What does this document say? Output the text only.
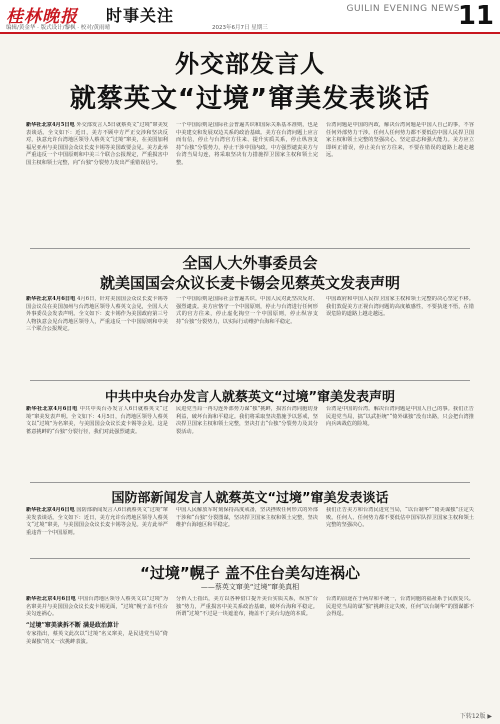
桂林晚报 时事关注
编辑/黄金华 · 版式设计/黎枫 · 校对/黄雨晴	2023年6月7日 星期三
GUILIN EVENING NEWS
11
外交部发言人
就蔡英文“过境”窜美发表谈话
新华社北京4月5日电 外交部发言人5日就蔡英文“过境”窜美发表谈话。全文如下：近日，美方不顾中方严正交涉和坚决反对，执意允许台湾地区领导人蔡英文“过境”窜美，在美国加利福尼亚州与美国国会众议长麦卡锡等美国政要会见。美方此举严重违反一个中国原则和中美三个联合公报规定，严重损害中国主权和领土完整，向“台独”分裂势力发出严重错误信号。
一个中国原则是国际社会普遍共识和国际关系基本准则，也是中美建交和发展双边关系的政治基础。美方在台湾问题上应言而有信，停止与台湾官方往来、提升实质关系，停止纵容支持“台独”分裂势力，停止干涉中国内政。中方强烈谴责美方与台湾当局勾连，将采取坚决有力措施捍卫国家主权和领土完整。
台湾问题是中国的内政，解决台湾问题是中国人自己的事，不容任何外部势力干涉。任何人任何势力都不要低估中国人民捍卫国家主权和领土完整的坚强决心、坚定意志和强大能力。美方应立即纠正错误，停止美台官方往来，不要在错误的道路上越走越远。
全国人大外事委员会
就美国国会众议长麦卡锡会见蔡英文发表声明
新华社北京4月6日电 4月6日，针对美国国会众议长麦卡锡等国会议员在美国加州与台湾地区领导人蔡英文会见，全国人大外事委员会发表声明。全文如下：麦卡锡作为美国政府第三号人物执意会见台湾地区领导人，严重违反一个中国原则和中美三个联合公报规定。
一个中国原则是国际社会普遍共识。中国人民对此坚决反对、强烈谴责。美方应恪守一个中国原则，停止与台湾进行任何形式的官方往来，停止虚化掏空一个中国原则，停止纵容支持“台独”分裂势力，以实际行动维护台海和平稳定。
中国政府和中国人民捍卫国家主权和领土完整的决心坚定不移。我们敦促美方正视台湾问题的高度敏感性，不要执迷不悟，在错误危险的道路上越走越远。
中共中央台办发言人就蔡英文“过境”窜美发表声明
新华社北京4月6日电 中共中央台办发言人6日就蔡英文“过境”窜美发表声明。全文如下：4月5日，台湾地区领导人蔡英文以“过境”为名窜美，与美国国会众议长麦卡锡等会见。这是蓄意挑衅的“台独”分裂行径，我们对此强烈谴责。
民进党当局一再勾连外部势力谋“独”挑衅，损害台湾同胞切身利益，破坏台海和平稳定。我们将采取坚决措施予以惩戒，坚决捍卫国家主权和领土完整，坚决打击“台独”分裂势力及其分裂活动。
台湾是中国的台湾。解决台湾问题是中国人自己的事。我们正告民进党当局，搞“以武拒统”“倚外谋独”没有出路，只会把台湾推向兵凶战危的险境。
国防部新闻发言人就蔡英文“过境”窜美发表谈话
新华社北京4月6日电 国防部新闻发言人6日就蔡英文“过境”窜美发表谈话。全文如下：近日，美方允许台湾地区领导人蔡英文“过境”窜美，与美国国会众议长麦卡锡等会见。美方此举严重违背一个中国原则。
中国人民解放军时刻保持高度戒备，坚决挫败任何形式的外部干涉和“台独”分裂图谋，坚决捍卫国家主权和领土完整，坚决维护台海地区和平稳定。
我们正告美方和台湾民进党当局，“以台制华”“倚美谋独”注定失败。任何人、任何势力都不要低估中国军队捍卫国家主权和领土完整的坚强决心。
“过境”幌子 盖不住台美勾连祸心
——蔡英文窜美“过境”窜美真相
新华社北京4月6日电 中国台湾地区领导人蔡英文以“过境”为名窜美并与美国国会众议长麦卡锡见面，“过境”幌子盖不住台美勾连祸心。
“过境”窜美谈拆不断 满是政治算计
专家指出，蔡英文此次以“过境”名义窜美，是民进党当局“倚美谋独”的又一次挑衅表演。
分析人士指出，美方以各种借口提升美台实质关系，纵容“台独”势力，严重损害中美关系政治基础，破坏台海和平稳定。所谓“过境”不过是一块遮羞布，掩盖不了美台勾连的本质。
台湾的前途在于两岸和平统一，台湾同胞的福祉系于民族复兴。民进党当局的谋“独”挑衅注定失败，任何“以台制华”的图谋都不会得逞。
下转12版 ▶
